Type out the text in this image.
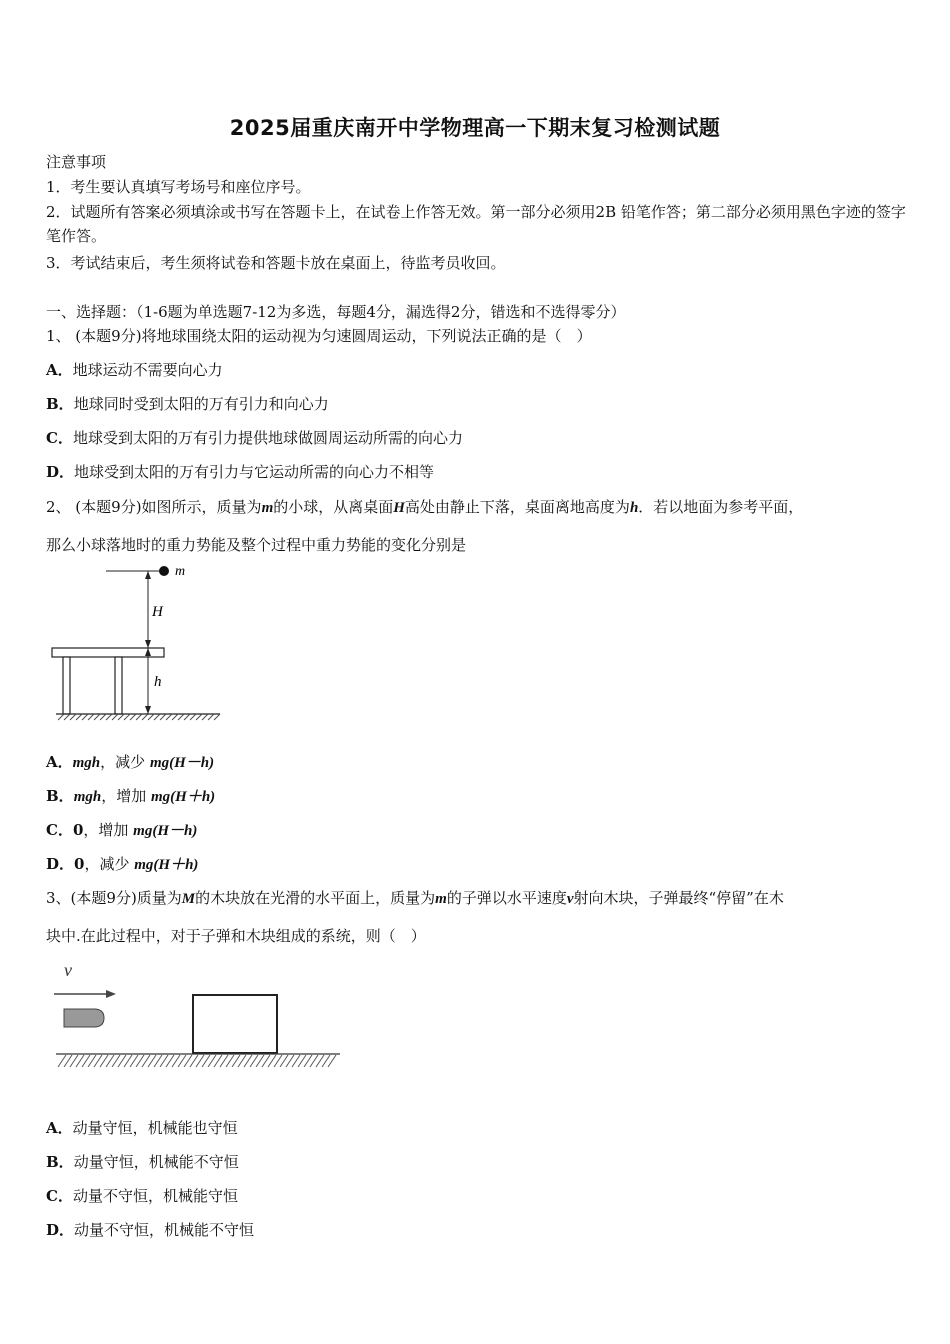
2025届重庆南开中学物理高一下期末复习检测试题
注意事项
1．考生要认真填写考场号和座位序号。
2．试题所有答案必须填涂或书写在答题卡上，在试卷上作答无效。第一部分必须用2B 铅笔作答；第二部分必须用黑色字迹的签字笔作答。
3．考试结束后，考生须将试卷和答题卡放在桌面上，待监考员收回。
一、选择题：（1-6题为单选题7-12为多选，每题4分，漏选得2分，错选和不选得零分）
1、 (本题9分)将地球围绕太阳的运动视为匀速圆周运动，下列说法正确的是（　）
A．地球运动不需要向心力
B．地球同时受到太阳的万有引力和向心力
C．地球受到太阳的万有引力提供地球做圆周运动所需的向心力
D．地球受到太阳的万有引力与它运动所需的向心力不相等
2、 (本题9分)如图所示，质量为m的小球，从离桌面H高处由静止下落，桌面离地高度为h．若以地面为参考平面，
那么小球落地时的重力势能及整个过程中重力势能的变化分别是
m
H
h
A．mgh，减少 mg(H－h)
B．mgh，增加 mg(H＋h)
C．0，增加 mg(H－h)
D．0，减少 mg(H＋h)
3、(本题9分)质量为M的木块放在光滑的水平面上，质量为m的子弹以水平速度v射向木块，子弹最终“停留”在木
块中.在此过程中，对于子弹和木块组成的系统，则（　）
v
A．动量守恒，机械能也守恒
B．动量守恒，机械能不守恒
C．动量不守恒，机械能守恒
D．动量不守恒，机械能不守恒
